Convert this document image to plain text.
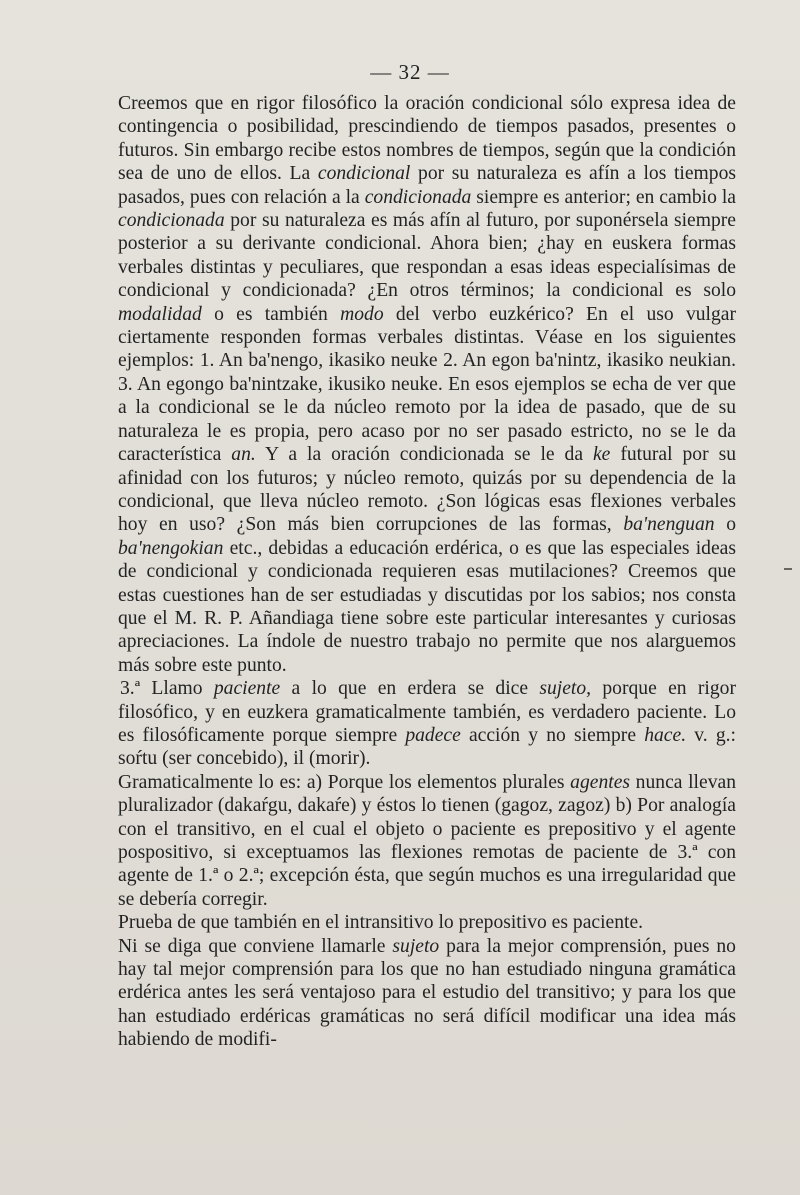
— 32 —

Creemos que en rigor filosófico la oración condicional sólo expresa idea de contingencia o posibilidad, prescindiendo de tiempos pasados, presentes o futuros. Sin embargo recibe estos nombres de tiempos, según que la condición sea de uno de ellos. La condicional por su naturaleza es afín a los tiempos pasados, pues con relación a la condicionada siempre es anterior; en cambio la condicionada por su naturaleza es más afín al futuro, por suponérsela siempre posterior a su derivante condicional. Ahora bien; ¿hay en euskera formas verbales distintas y peculiares, que respondan a esas ideas especialísimas de condicional y condicionada? ¿En otros términos; la condicional es solo modalidad o es también modo del verbo euzkérico? En el uso vulgar ciertamente responden formas verbales distintas. Véase en los siguientes ejemplos: 1. An ba'nengo, ikasiko neuke 2. An egon ba'nintz, ikasiko neukian. 3. An egongo ba'nintzake, ikusiko neuke. En esos ejemplos se echa de ver que a la condicional se le da núcleo remoto por la idea de pasado, que de su naturaleza le es propia, pero acaso por no ser pasado estricto, no se le da característica an. Y a la oración condicionada se le da ke futural por su afinidad con los futuros; y núcleo remoto, quizás por su dependencia de la condicional, que lleva núcleo remoto. ¿Son lógicas esas flexiones verbales hoy en uso? ¿Son más bien corrupciones de las formas, ba'nenguan o ba'nengokian etc., debidas a educación erdérica, o es que las especiales ideas de condicional y condicionada requieren esas mutilaciones? Creemos que estas cuestiones han de ser estudiadas y discutidas por los sabios; nos consta que el M. R. P. Añandiaga tiene sobre este particular interesantes y curiosas apreciaciones. La índole de nuestro trabajo no permite que nos alarguemos más sobre este punto.

3.ª Llamo paciente a lo que en erdera se dice sujeto, porque en rigor filosófico, y en euzkera gramaticalmente también, es verdadero paciente. Lo es filosóficamente porque siempre padece acción y no siempre hace. v. g.: soŕtu (ser concebido), il (morir).

Gramaticalmente lo es: a) Porque los elementos plurales agentes nunca llevan pluralizador (dakaŕgu, dakaŕe) y éstos lo tienen (gagoz, zagoz) b) Por analogía con el transitivo, en el cual el objeto o paciente es prepositivo y el agente pospositivo, si exceptuamos las flexiones remotas de paciente de 3.ª con agente de 1.ª o 2.ª; excepción ésta, que según muchos es una irregularidad que se debería corregir.

Prueba de que también en el intransitivo lo prepositivo es paciente.

Ni se diga que conviene llamarle sujeto para la mejor comprensión, pues no hay tal mejor comprensión para los que no han estudiado ninguna gramática erdérica antes les será ventajoso para el estudio del transitivo; y para los que han estudiado erdéricas gramáticas no será difícil modificar una idea más habiendo de modifi-
